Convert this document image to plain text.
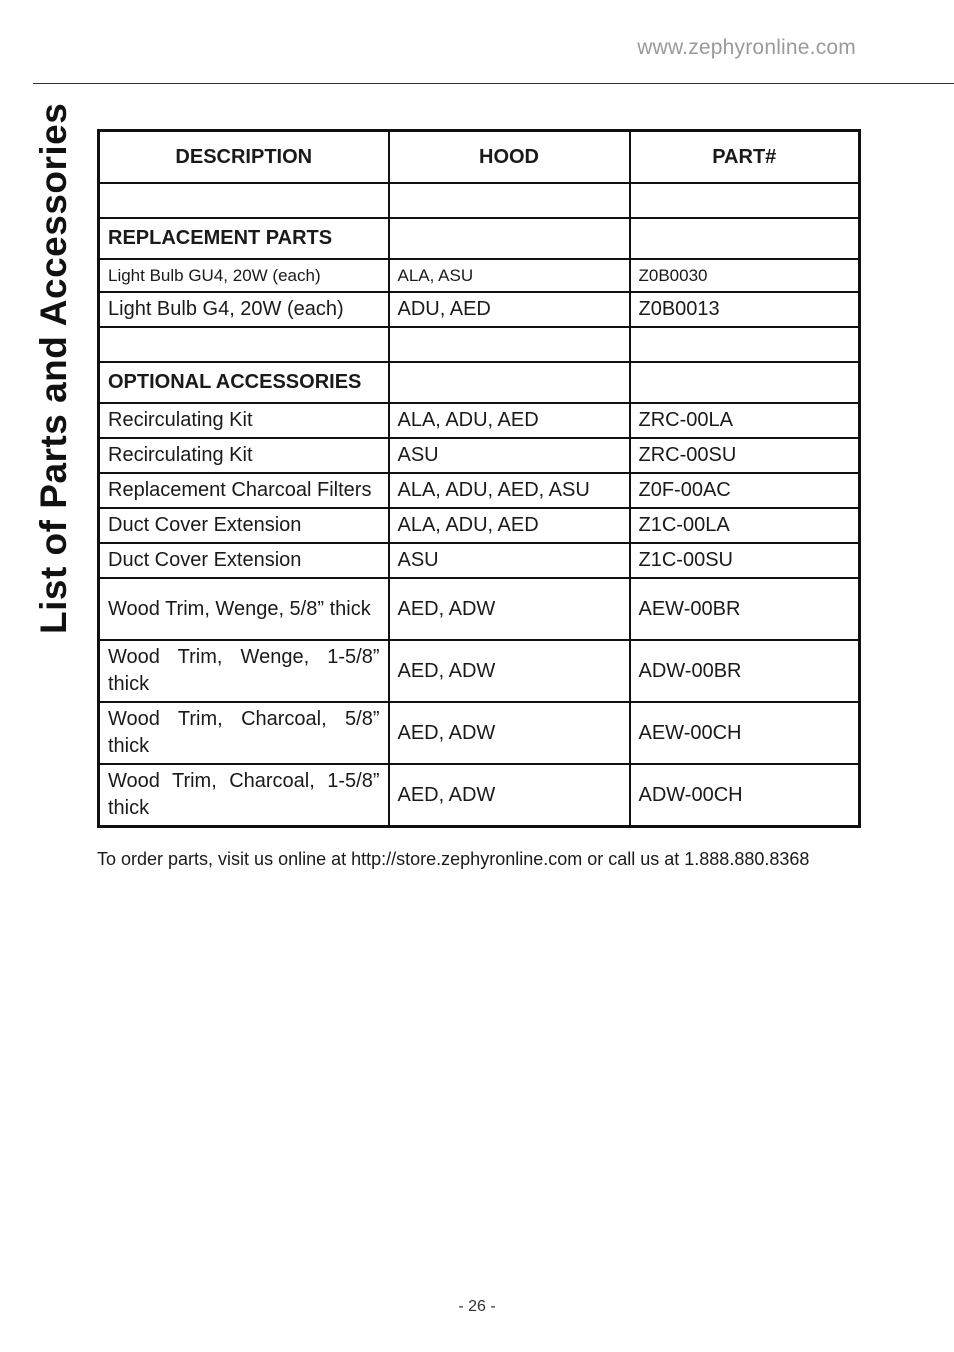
www.zephyronline.com
List of Parts and Accessories	DESCRIPTION	HOOD	PART#

REPLACEMENT PARTS		
Light Bulb GU4, 20W (each)	ALA, ASU	Z0B0030
Light Bulb G4, 20W (each)	ADU, AED	Z0B0013

OPTIONAL ACCESSORIES		
Recirculating Kit	ALA, ADU, AED	ZRC-00LA
Recirculating Kit	ASU	ZRC-00SU
Replacement Charcoal Filters	ALA, ADU, AED, ASU	Z0F-00AC
Duct Cover Extension	ALA, ADU, AED	Z1C-00LA
Duct Cover Extension	ASU	Z1C-00SU
Wood Trim, Wenge, 5/8” thick	AED, ADW	AEW-00BR
Wood Trim, Wenge, 1-5/8” thick	AED, ADW	ADW-00BR
Wood Trim, Charcoal, 5/8” thick	AED, ADW	AEW-00CH
Wood Trim, Charcoal, 1-5/8” thick	AED, ADW	ADW-00CH
To order parts, visit us online at http://store.zephyronline.com or call us at 1.888.880.8368
- 26 -
